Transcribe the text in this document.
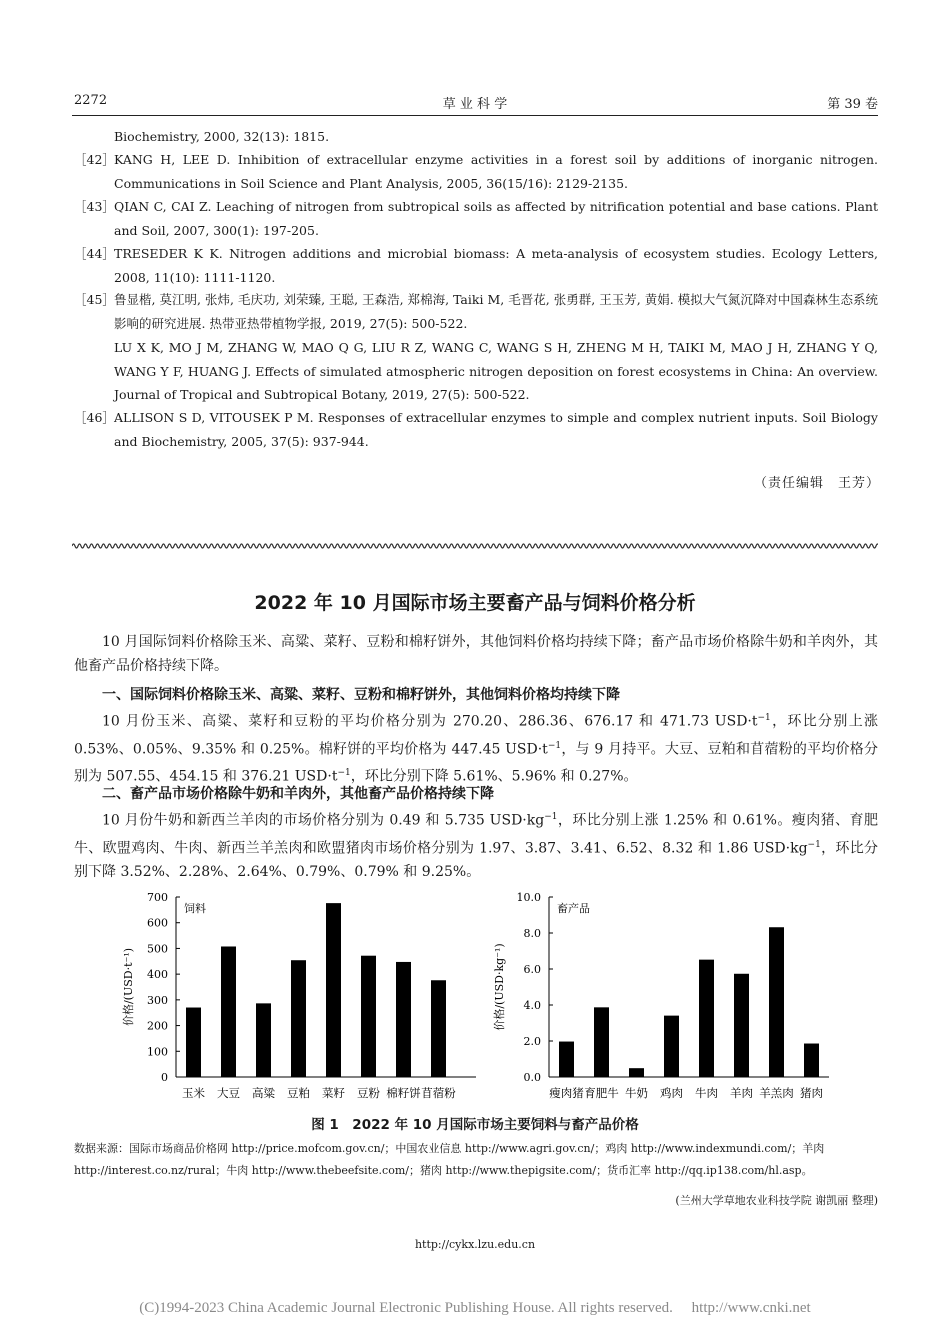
2272	草 业 科 学	第 39 卷
Biochemistry, 2000, 32(13): 1815.
［42］ KANG H, LEE D. Inhibition of extracellular enzyme activities in a forest soil by additions of inorganic nitrogen. Communications in Soil Science and Plant Analysis, 2005, 36(15/16): 2129-2135.
［43］ QIAN C, CAI Z. Leaching of nitrogen from subtropical soils as affected by nitrification potential and base cations. Plant and Soil, 2007, 300(1): 197-205.
［44］ TRESEDER K K. Nitrogen additions and microbial biomass: A meta-analysis of ecosystem studies. Ecology Letters, 2008, 11(10): 1111-1120.
［45］ 鲁显楷, 莫江明, 张炜, 毛庆功, 刘荣臻, 王聪, 王森浩, 郑棉海, Taiki M, 毛晋花, 张勇群, 王玉芳, 黄娟. 模拟大气氮沉降对中国森林生态系统影响的研究进展. 热带亚热带植物学报, 2019, 27(5): 500-522.
LU X K, MO J M, ZHANG W, MAO Q G, LIU R Z, WANG C, WANG S H, ZHENG M H, TAIKI M, MAO J H, ZHANG Y Q, WANG Y F, HUANG J. Effects of simulated atmospheric nitrogen deposition on forest ecosystems in China: An overview. Journal of Tropical and Subtropical Botany, 2019, 27(5): 500-522.
［46］ ALLISON S D, VITOUSEK P M. Responses of extracellular enzymes to simple and complex nutrient inputs. Soil Biology and Biochemistry, 2005, 37(5): 937-944.
（责任编辑　王芳）
2022 年 10 月国际市场主要畜产品与饲料价格分析
10 月国际饲料价格除玉米、高粱、菜籽、豆粉和棉籽饼外，其他饲料价格均持续下降；畜产品市场价格除牛奶和羊肉外，其他畜产品价格持续下降。
一、国际饲料价格除玉米、高粱、菜籽、豆粉和棉籽饼外，其他饲料价格均持续下降
10 月份玉米、高粱、菜籽和豆粉的平均价格分别为 270.20、286.36、676.17 和 471.73 $USD\cdot t^{-1}$，环比分别上涨 0.53%、0.05%、9.35% 和 0.25%。棉籽饼的平均价格为 447.45 $USD\cdot t^{-1}$，与 9 月持平。大豆、豆粕和苜蓿粉的平均价格分别为 507.55、454.15 和 376.21 $USD\cdot t^{-1}$，环比分别下降 5.61%、5.96% 和 0.27%。
二、畜产品市场价格除牛奶和羊肉外，其他畜产品价格持续下降
10 月份牛奶和新西兰羊肉的市场价格分别为 0.49 和 5.735 $USD\cdot kg^{-1}$，环比分别上涨 1.25% 和 0.61%。瘦肉猪、育肥牛、欧盟鸡肉、牛肉、新西兰羊羔肉和欧盟猪肉市场价格分别为 1.97、3.87、3.41、6.52、8.32 和 1.86 $USD\cdot kg^{-1}$，环比分别下降 3.52%、2.28%、2.64%、0.79%、0.79% 和 9.25%。
0
100
200
300
400
500
600
700
饲料
价格/(USD·t⁻¹)
玉米 大豆 高粱 豆粕 菜籽 豆粉 棉籽饼 苜蓿粉
0.0
2.0
4.0
6.0
8.0
10.0
畜产品
价格/(USD·kg⁻¹)
瘦肉猪 育肥牛 牛奶 鸡肉 牛肉 羊肉 羊羔肉 猪肉
图 1　2022 年 10 月国际市场主要饲料与畜产品价格
数据来源：国际市场商品价格网 http://price.mofcom.gov.cn/；中国农业信息 http://www.agri.gov.cn/；鸡肉 http://www.indexmundi.com/；羊肉 http://interest.co.nz/rural；牛肉 http://www.thebeefsite.com/；猪肉 http://www.thepigsite.com/；货币汇率 http://qq.ip138.com/hl.asp。
(兰州大学草地农业科技学院 谢凯丽 整理)
http://cykx.lzu.edu.cn
(C)1994-2023 China Academic Journal Electronic Publishing House. All rights reserved.　 http://www.cnki.net
